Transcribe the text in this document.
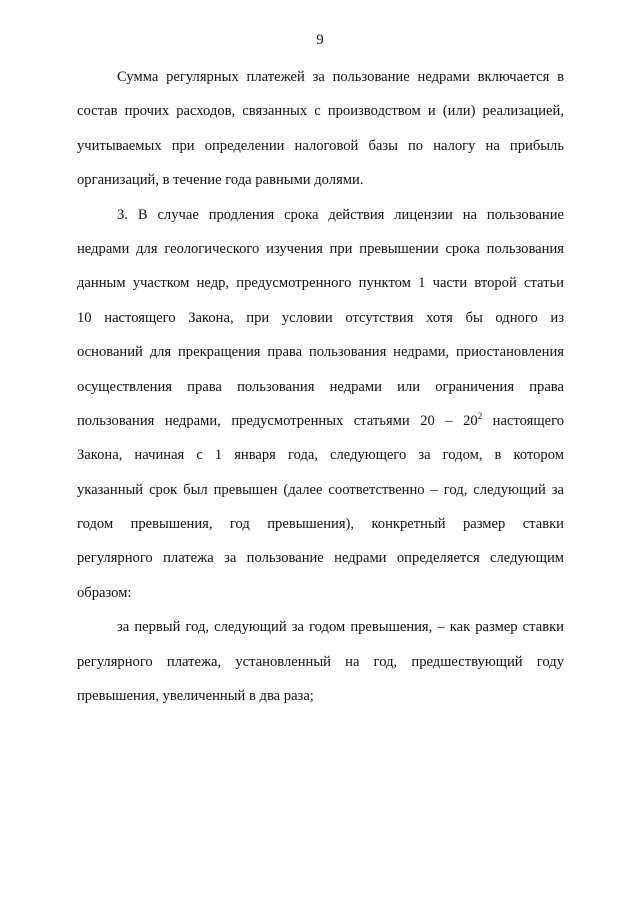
9

Сумма регулярных платежей за пользование недрами включается в
состав прочих расходов, связанных с производством и (или) реализацией,
учитываемых при определении налоговой базы по налогу на прибыль
организаций, в течение года равными долями.

3. В случае продления срока действия лицензии на пользование
недрами для геологического изучения при превышении срока пользования
данным участком недр, предусмотренного пунктом 1 части второй статьи
10 настоящего Закона, при условии отсутствия хотя бы одного из
оснований для прекращения права пользования недрами, приостановления
осуществления права пользования недрами или ограничения права
пользования недрами, предусмотренных статьями $20 - 20^2$ настоящего
Закона, начиная с 1 января года, следующего за годом, в котором
указанный срок был превышен (далее соответственно – год, следующий за
годом превышения, год превышения), конкретный размер ставки
регулярного платежа за пользование недрами определяется следующим
образом:

за первый год, следующий за годом превышения, – как размер ставки
регулярного платежа, установленный на год, предшествующий году
превышения, увеличенный в два раза;
